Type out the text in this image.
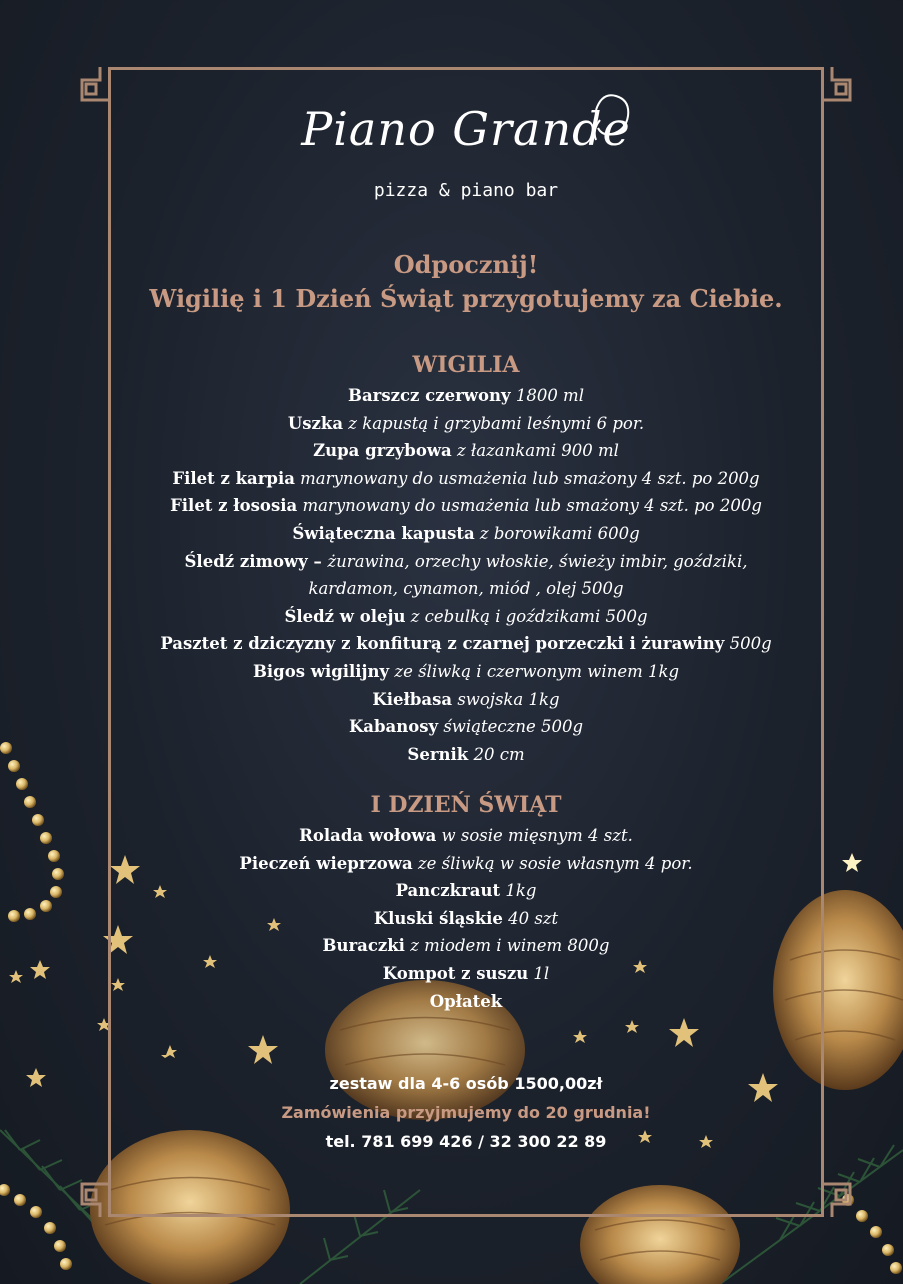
Piano Grande
pizza & piano bar
Odpocznij!
Wigilię i 1 Dzień Świąt przygotujemy za Ciebie.
WIGILIA
Barszcz czerwony 1800 ml
Uszka z kapustą i grzybami leśnymi 6 por.
Zupa grzybowa z łazankami 900 ml
Filet z karpia marynowany do usmażenia lub smażony 4 szt. po 200g
Filet z łososia marynowany do usmażenia lub smażony 4 szt. po 200g
Świąteczna kapusta z borowikami 600g
Śledź zimowy – żurawina, orzechy włoskie, świeży imbir, goździki,
kardamon, cynamon, miód , olej 500g
Śledź w oleju z cebulką i goździkami 500g
Pasztet z dziczyzny z konfiturą z czarnej porzeczki i żurawiny 500g
Bigos wigilijny ze śliwką i czerwonym winem 1kg
Kiełbasa swojska 1kg
Kabanosy świąteczne 500g
Sernik 20 cm
I DZIEŃ ŚWIĄT
Rolada wołowa w sosie mięsnym 4 szt.
Pieczeń wieprzowa ze śliwką w sosie własnym 4 por.
Panczkraut 1kg
Kluski śląskie 40 szt
Buraczki z miodem i winem 800g
Kompot z suszu 1l
Opłatek
zestaw dla 4-6 osób 1500,00zł
Zamówienia przyjmujemy do 20 grudnia!
tel. 781 699 426 / 32 300 22 89
